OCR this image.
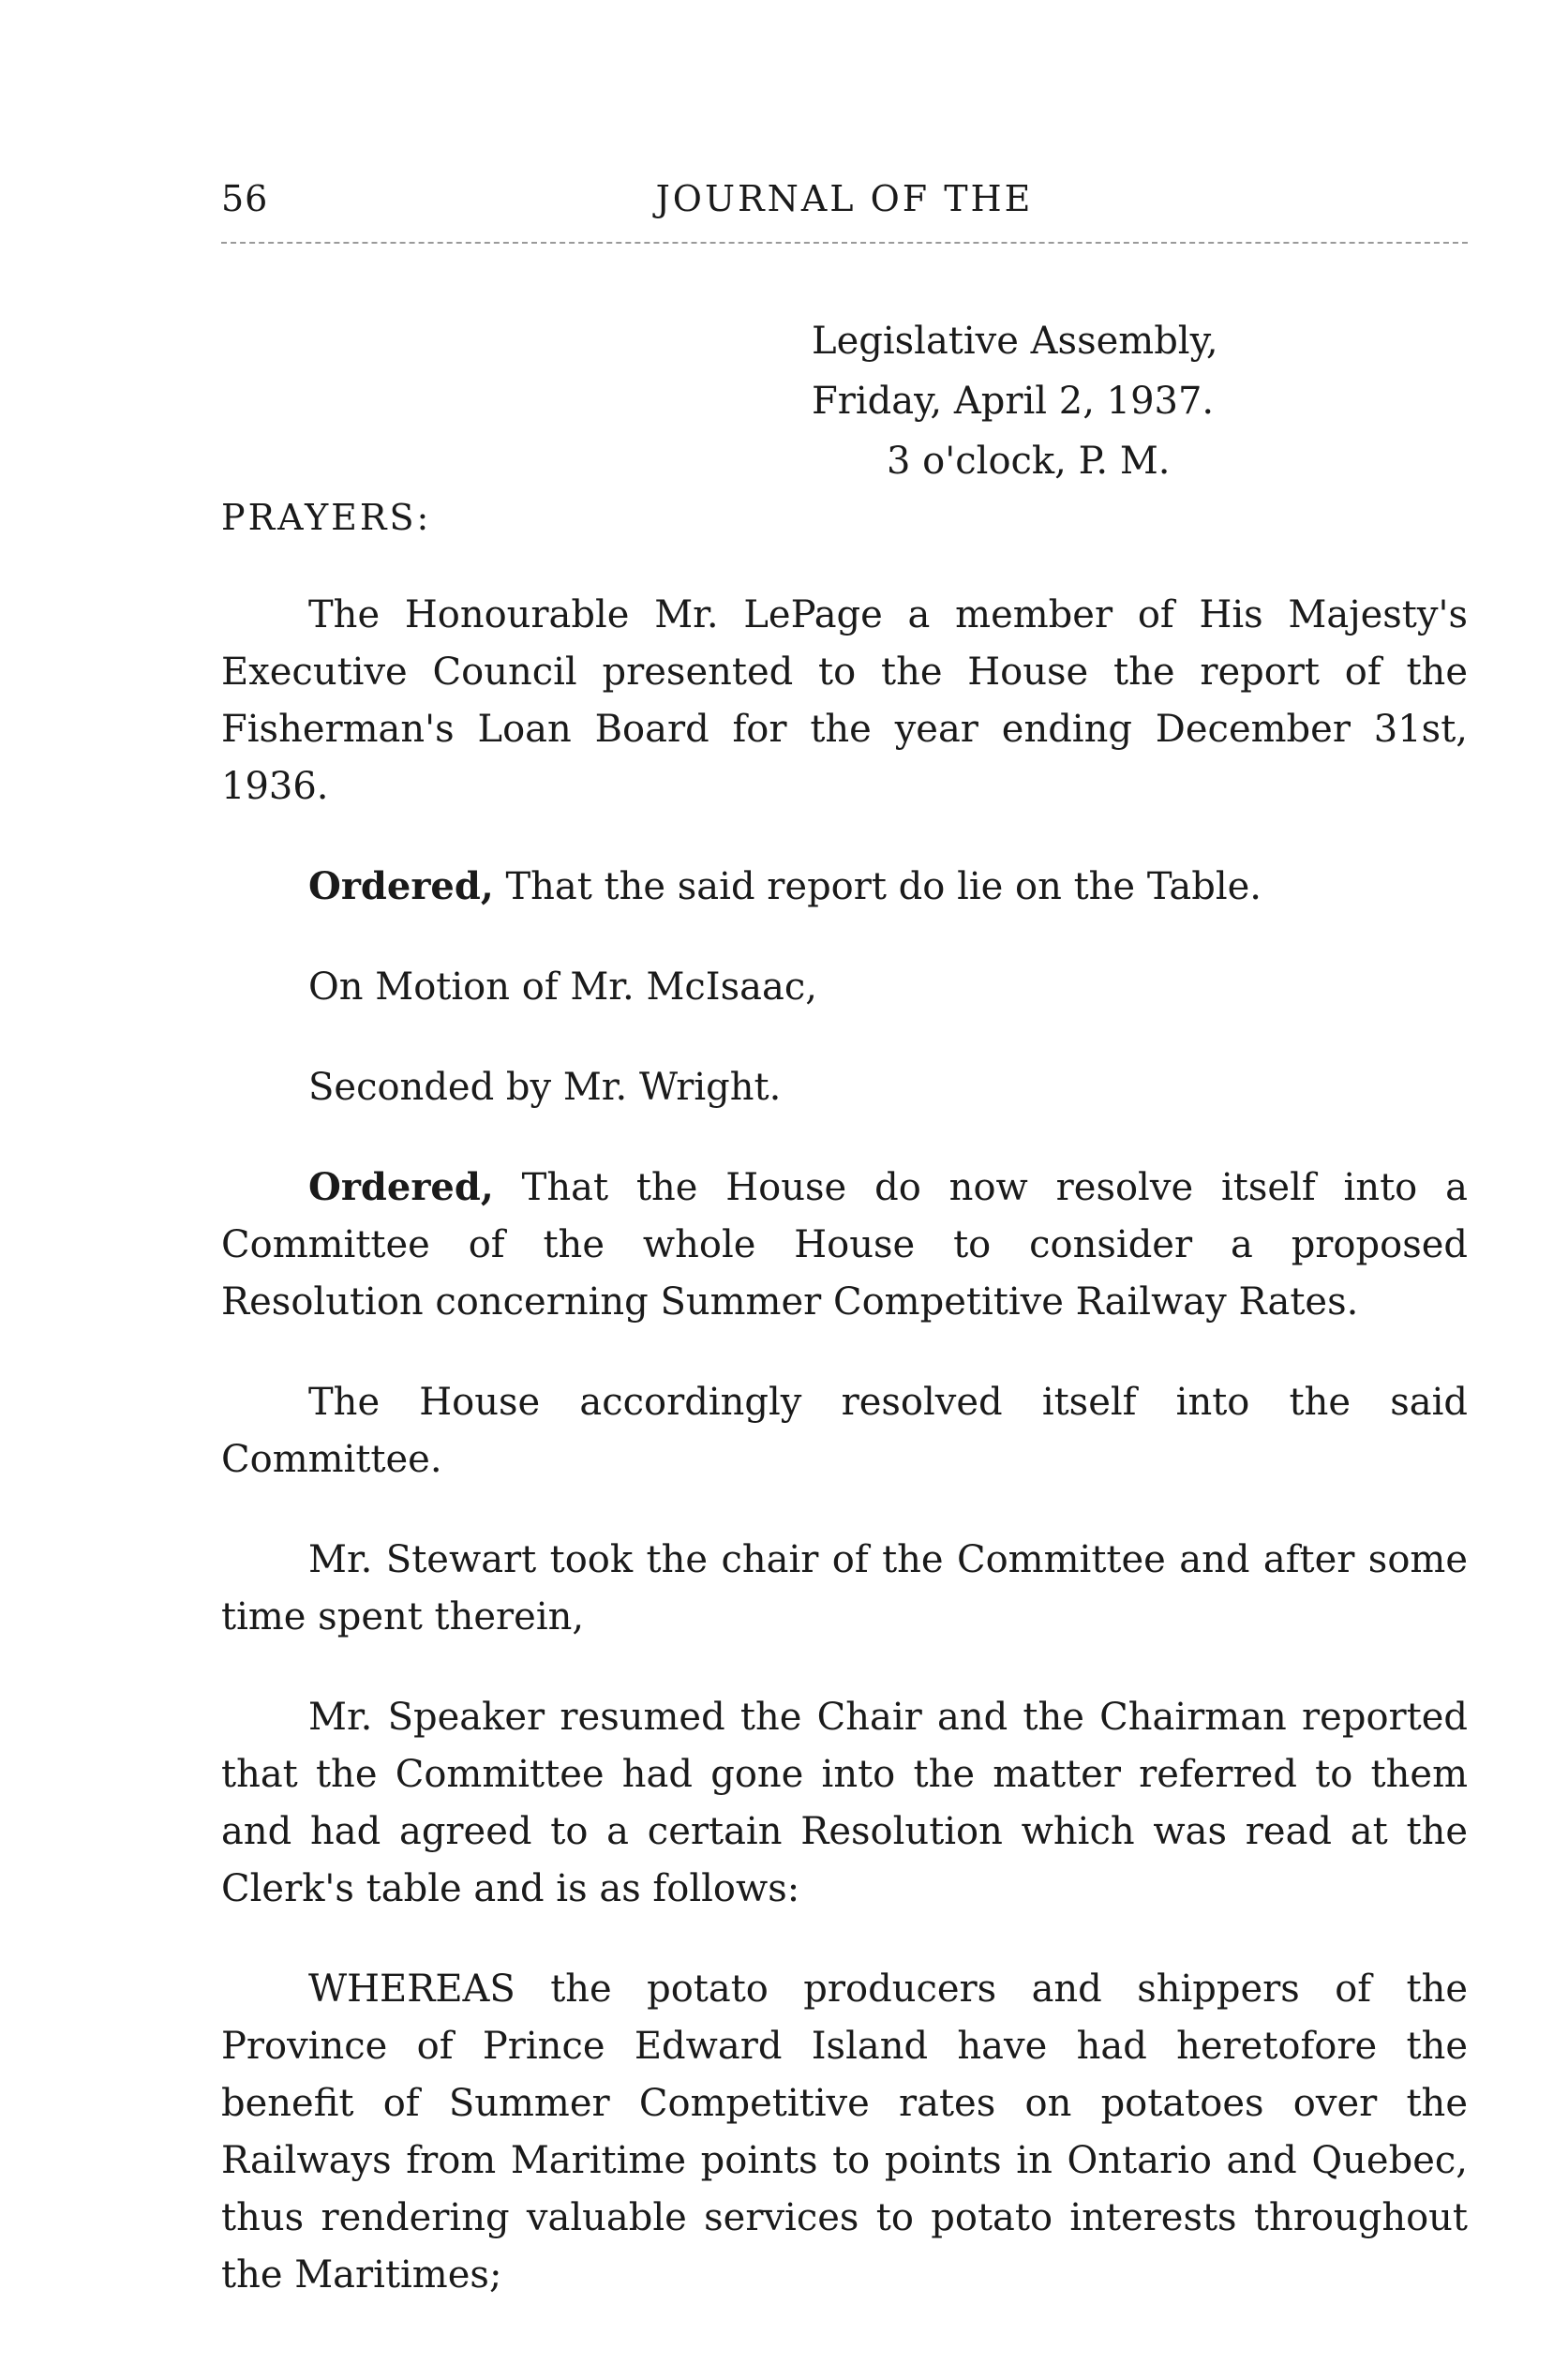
56	JOURNAL OF THE
Legislative Assembly,
Friday, April 2, 1937.
3 o'clock, P. M.
PRAYERS:

The Honourable Mr. LePage a member of His Majesty's Executive Council presented to the House the report of the Fisherman's Loan Board for the year ending December 31st, 1936.

Ordered, That the said report do lie on the Table.

On Motion of Mr. McIsaac,

Seconded by Mr. Wright.

Ordered, That the House do now resolve itself into a Committee of the whole House to consider a proposed Resolution concerning Summer Competitive Railway Rates.

The House accordingly resolved itself into the said Committee.

Mr. Stewart took the chair of the Committee and after some time spent therein,

Mr. Speaker resumed the Chair and the Chairman reported that the Committee had gone into the matter referred to them and had agreed to a certain Resolution which was read at the Clerk's table and is as follows:

WHEREAS the potato producers and shippers of the Province of Prince Edward Island have had heretofore the benefit of Summer Competitive rates on potatoes over the Railways from Maritime points to points in Ontario and Quebec, thus rendering valuable services to potato interests throughout the Maritimes;
